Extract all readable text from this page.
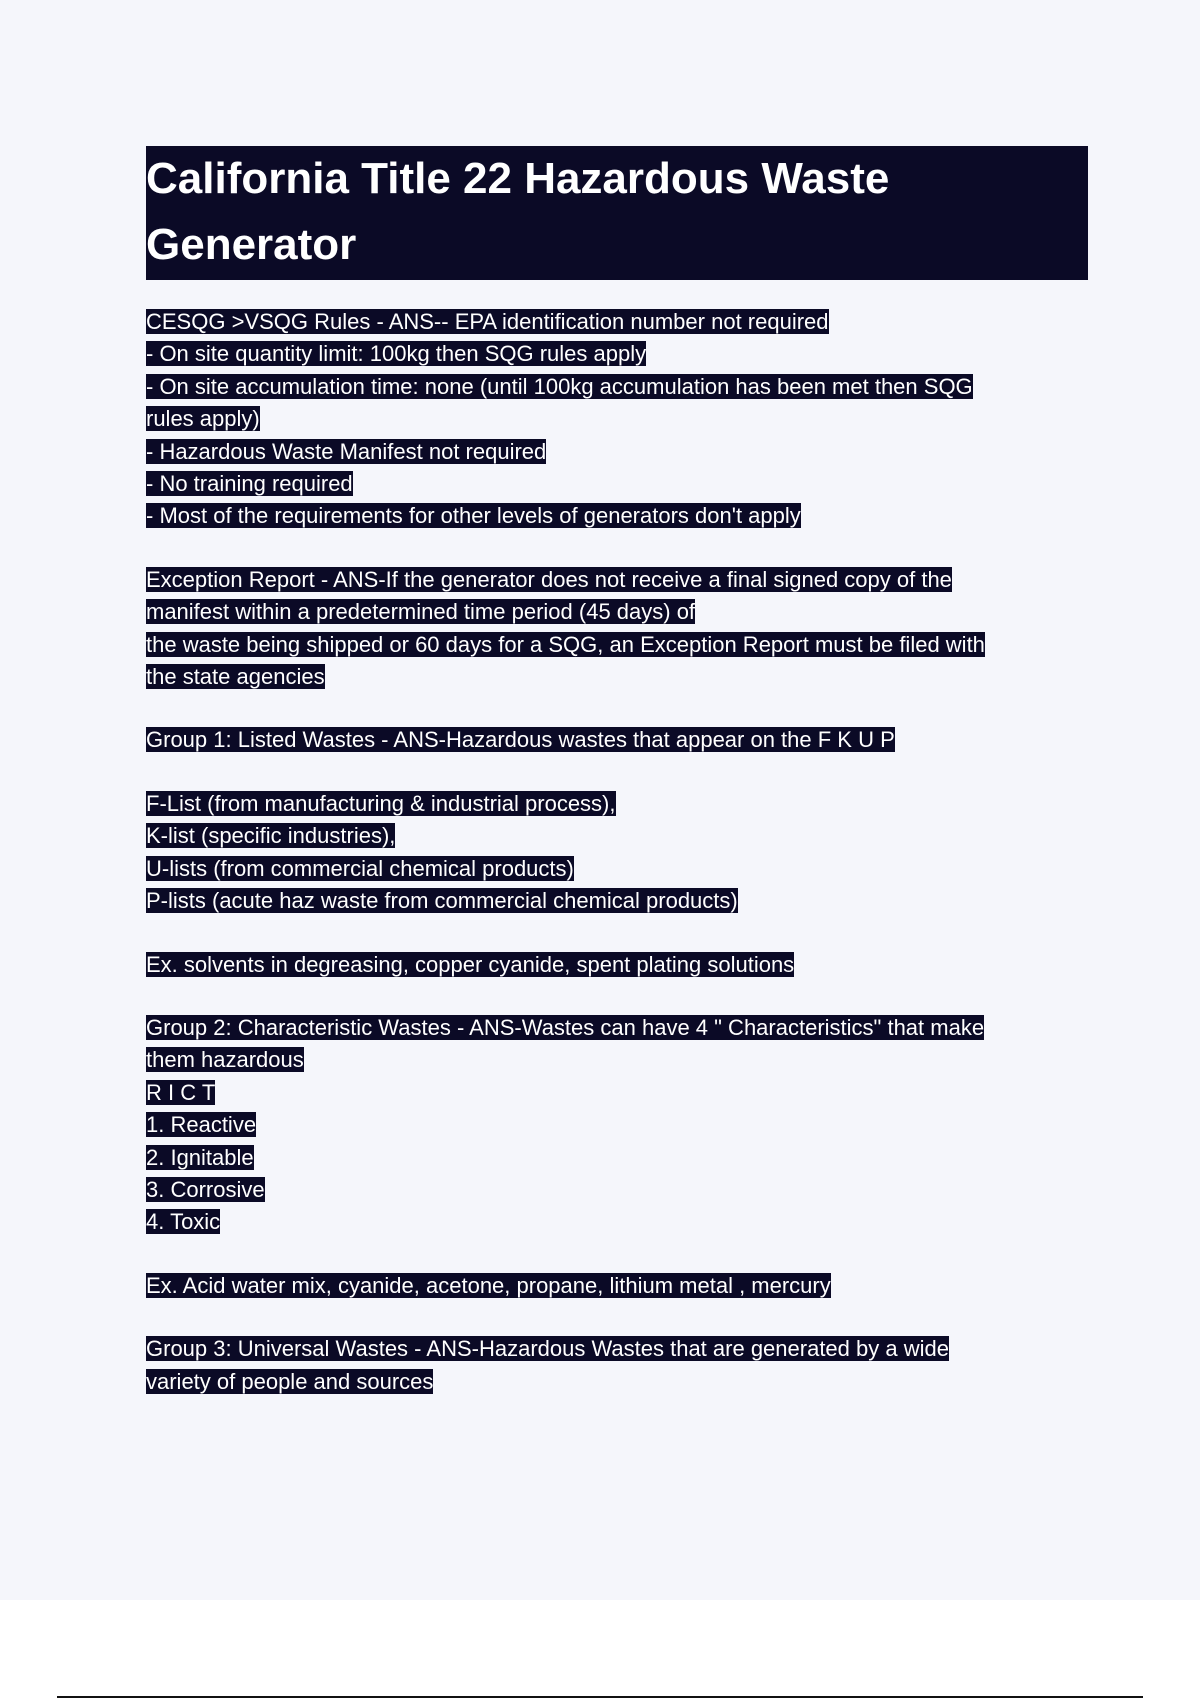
California Title 22 Hazardous Waste Generator
CESQG >VSQG Rules - ANS-- EPA identification number not required
- On site quantity limit: 100kg then SQG rules apply
- On site accumulation time: none (until 100kg accumulation has been met then SQG
rules apply)
- Hazardous Waste Manifest not required
- No training required
- Most of the requirements for other levels of generators don't apply
Exception Report - ANS-If the generator does not receive a final signed copy of the
manifest within a predetermined time period (45 days) of
the waste being shipped or 60 days for a SQG, an Exception Report must be filed with
the state agencies
Group 1: Listed Wastes - ANS-Hazardous wastes that appear on the F K U P
F-List (from manufacturing & industrial process),
K-list (specific industries),
U-lists (from commercial chemical products)
P-lists (acute haz waste from commercial chemical products)
Ex. solvents in degreasing, copper cyanide, spent plating solutions
Group 2: Characteristic Wastes - ANS-Wastes can have 4 " Characteristics" that make
them hazardous
R I C T
1. Reactive
2. Ignitable
3. Corrosive
4. Toxic
Ex. Acid water mix, cyanide, acetone, propane, lithium metal , mercury
Group 3: Universal Wastes - ANS-Hazardous Wastes that are generated by a wide
variety of people and sources
